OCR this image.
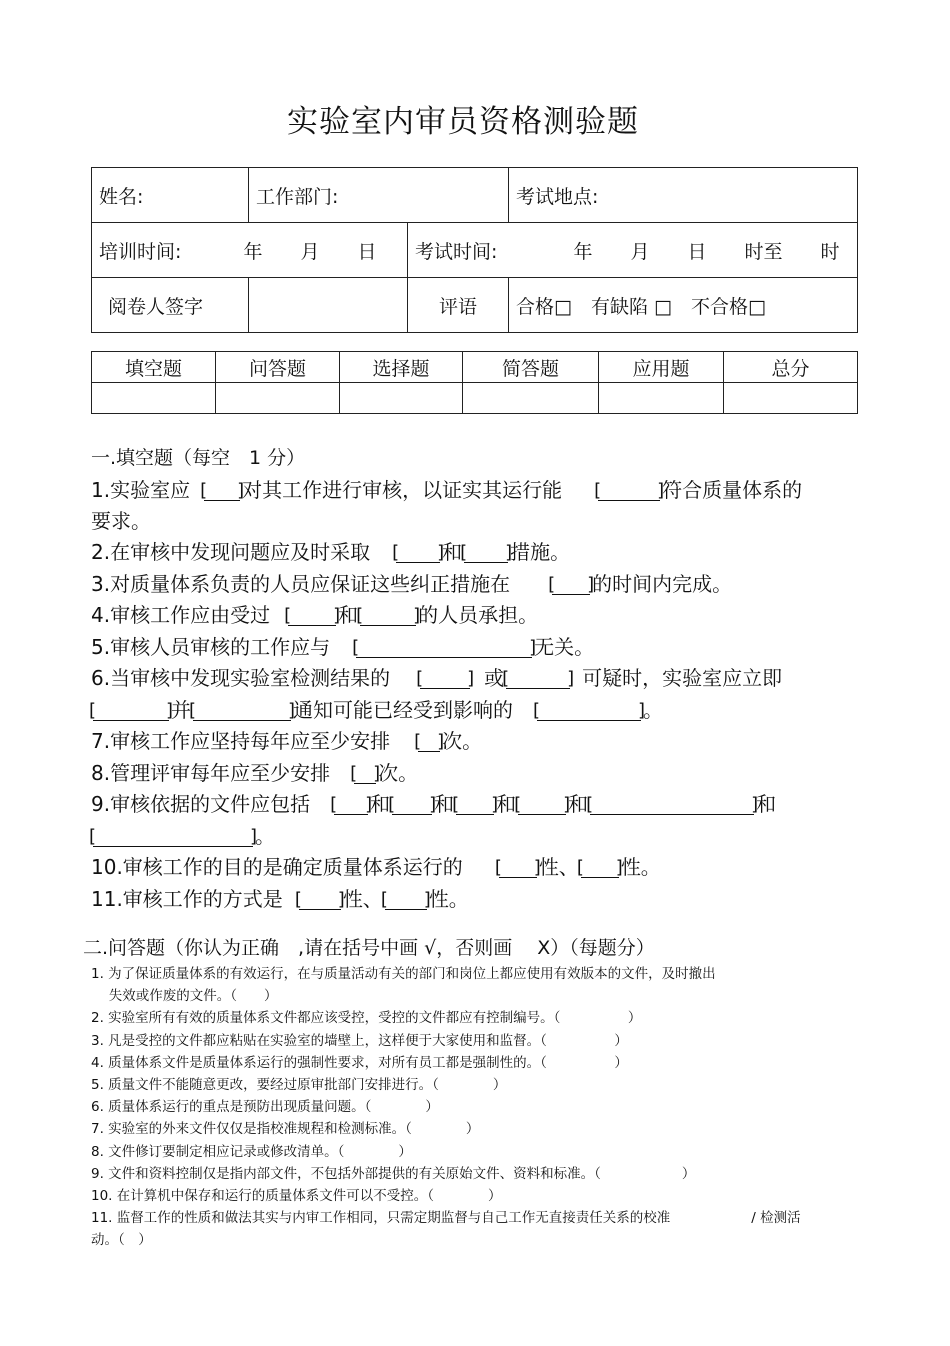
实验室内审员资格测验题
姓名:	工作部门:		考试地点:
培训时间: 年　　月　　日		考试时间: 年　　月　　日　　时至　　时	
阅卷人签字		评语	合格□　有缺陷 □　不合格□
填空题	问答题	选择题	简答题	应用题	总分

一.填空题（每空　1 分）

1.实验室应 [ ]	对其工作进行审核，以证实其运行能 [ ]	符合质量体系的

要求。

2.在审核中发现问题应及时采取 [ ]	和 [ ] 措施。

3.对质量体系负责的人员应保证这些纠正措施在 [ ]	的时间内完成。

4.审核工作应由受过 [ ]	和 [ ]	的人员承担。

5.审核人员审核的工作应与 [ ]	无关。

6.当审核中发现实验室检测结果的 [ ]	或 [ ]	可疑时，实验室应立即

[ ]并 [ ]	通知可能已经受到影响的 [ ]	。

7.审核工作应坚持每年应至少安排 [ ]	次。

8.管理评审每年应至少安排 [ ] 次。

9.审核依据的文件应包括 [ ]	和 [ ] 和 [ ] 和 [ ]	和 [ ]	和

[ ]。

10.审核工作的目的是确定质量体系运行的 [ ]	性、 [ ] 性。

11.审核工作的方式是 [ ]	性、 [ ] 性。

二.问答题（你认为正确　,请在括号中画 √，否则画　 X）（每题分）

1. 为了保证质量体系的有效运行，在与质量活动有关的部门和岗位上都应使用有效版本的文件，及时撤出

　 失效或作废的文件。（　　）

2. 实验室所有有效的质量体系文件都应该受控，受控的文件都应有控制编号。（　　　　　）

3. 凡是受控的文件都应粘贴在实验室的墙壁上，这样便于大家使用和监督。（　　　　　）

4. 质量体系文件是质量体系运行的强制性要求，对所有员工都是强制性的。（　　　　　）

5. 质量文件不能随意更改，要经过原审批部门安排进行。（　　　　）

6. 质量体系运行的重点是预防出现质量问题。（　　　　）

7. 实验室的外来文件仅仅是指校准规程和检测标准。（　　　　）

8. 文件修订要制定相应记录或修改清单。（　　　　）

9. 文件和资料控制仅是指内部文件，不包括外部提供的有关原始文件、资料和标准。（　　　　　　）

10. 在计算机中保存和运行的质量体系文件可以不受控。（　　　　）

11. 监督工作的性质和做法其实与内审工作相同，只需定期监督与自己工作无直接责任关系的校准　　　　　　/ 检测活

动。（　）
